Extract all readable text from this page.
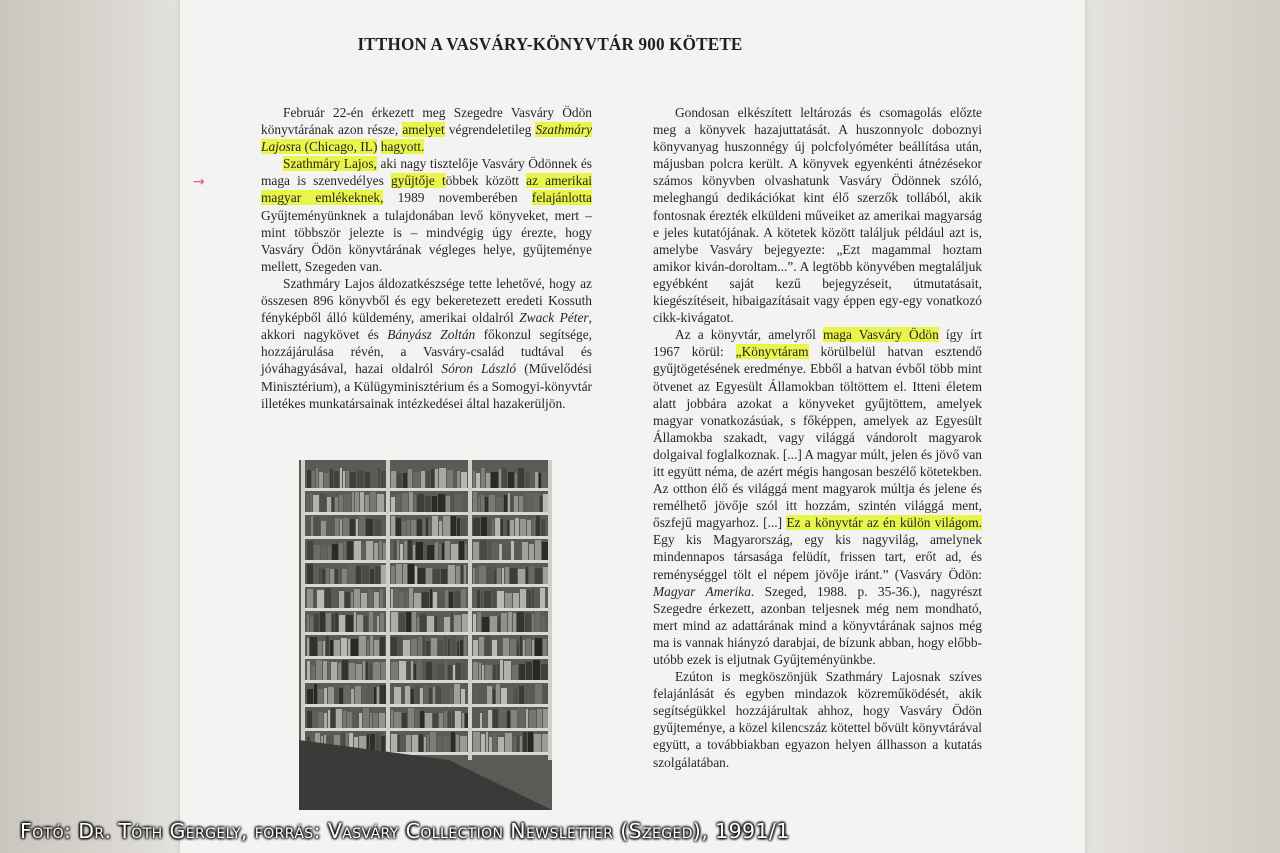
ITTHON A VASVÁRY-KÖNYVTÁR 900 KÖTETE
→

Február 22-én érkezett meg Szegedre Vasváry Ödön könyvtárának azon része, amelyet végrendeletileg Szathmáry Lajosra (Chicago, IL) hagyott.

Szathmáry Lajos, aki nagy tisztelője Vasváry Ödönnek és maga is szenvedélyes gyűjtője többek között az amerikai magyar emlékeknek, 1989 novemberében felajánlotta Gyűjteményünknek a tulajdonában levő könyveket, mert – mint többször jelezte is – mindvégig úgy érezte, hogy Vasváry Ödön könyvtárának végleges helye, gyűjteménye mellett, Szegeden van.

Szathmáry Lajos áldozatkészsége tette lehetővé, hogy az összesen 896 könyvből és egy bekeretezett eredeti Kossuth fényképből álló küldemény, amerikai oldalról Zwack Péter, akkori nagykövet és Bányász Zoltán főkonzul segítsége, hozzájárulása révén, a Vasváry-család tudtával és jóváhagyásával, hazai oldalról Sóron László (Művelődési Minisztérium), a Külügyminisztérium és a Somogyi-könyvtár illetékes munkatársainak intézkedései által hazakerüljön.

Gondosan elkészített leltározás és csomagolás előzte meg a könyvek hazajuttatását. A huszonnyolc doboznyi könyvanyag huszonnégy új polcfolyóméter beállítása után, májusban polcra került. A könyvek egyenkénti átnézésekor számos könyvben olvashatunk Vasváry Ödönnek szóló, meleghangú dedikációkat kint élő szerzők tollából, akik fontosnak érezték elküldeni műveiket az amerikai magyarság e jeles kutatójának. A kötetek között találjuk például azt is, amelybe Vasváry bejegyezte: „Ezt magammal hoztam amikor kiván-doroltam...”. A legtöbb könyvében megtaláljuk egyébként saját kezű bejegyzéseit, útmutatásait, kiegészítéseit, hibaigazításait vagy éppen egy-egy vonatkozó cikk-kivágatot.

Az a könyvtár, amelyről maga Vasváry Ödön így írt 1967 körül: „Könyvtáram körülbelül hatvan esztendő gyűjtögetésének eredménye. Ebből a hatvan évből több mint ötvenet az Egyesült Államokban töltöttem el. Itteni életem alatt jobbára azokat a könyveket gyűjtöttem, amelyek magyar vonatkozásúak, s főképpen, amelyek az Egyesült Államokba szakadt, vagy világgá vándorolt magyarok dolgaival foglalkoznak. [...] A magyar múlt, jelen és jövő van itt együtt néma, de azért mégis hangosan beszélő kötetekben. Az otthon élő és világgá ment magyarok múltja és jelene és remélhető jövője szól itt hozzám, szintén világgá ment, őszfejű magyarhoz. [...] Ez a könyvtár az én külön világom. Egy kis Magyarország, egy kis nagyvilág, amelynek mindennapos társasága felüdít, frissen tart, erőt ad, és reménységgel tölt el népem jövője iránt.” (Vasváry Ödön: Magyar Amerika. Szeged, 1988. p. 35-36.), nagyrészt Szegedre érkezett, azonban teljesnek még nem mondható, mert mind az adattárának mind a könyvtárának sajnos még ma is vannak hiányzó darabjai, de bízunk abban, hogy előbb-utóbb ezek is eljutnak Gyűjteményünkbe.

Ezúton is megköszönjük Szathmáry Lajosnak szíves felajánlását és egyben mindazok közreműködését, akik segítségükkel hozzájárultak ahhoz, hogy Vasváry Ödön gyűjteménye, a közel kilencszáz kötettel bővült könyvtárával együtt, a továbbiakban egyazon helyen állhasson a kutatás szolgálatában.

Fotó: Dr. Tóth Gergely, forrás: Vasváry Collection Newsletter (Szeged), 1991/1
